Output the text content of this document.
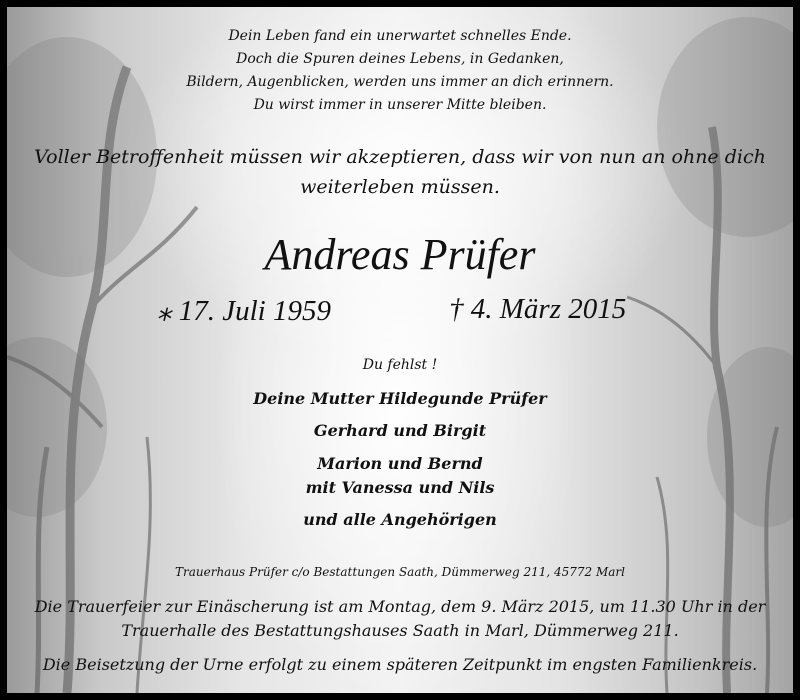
Dein Leben fand ein unerwartet schnelles Ende.

Doch die Spuren deines Lebens, in Gedanken,

Bildern, Augenblicken, werden uns immer an dich erinnern.

Du wirst immer in unserer Mitte bleiben.

Voller Betroffenheit müssen wir akzeptieren, dass wir von nun an ohne dich

weiterleben müssen.

Andreas Prüfer

⁎ 17. Juli 1959	† 4. März 2015

Du fehlst !

Deine Mutter Hildegunde Prüfer

Gerhard und Birgit

Marion und Bernd

mit Vanessa und Nils

und alle Angehörigen

Trauerhaus Prüfer c/o Bestattungen Saath, Dümmerweg 211, 45772 Marl

Die Trauerfeier zur Einäscherung ist am Montag, dem 9. März 2015, um 11.30 Uhr in der

Trauerhalle des Bestattungshauses Saath in Marl, Dümmerweg 211.

Die Beisetzung der Urne erfolgt zu einem späteren Zeitpunkt im engsten Familienkreis.
